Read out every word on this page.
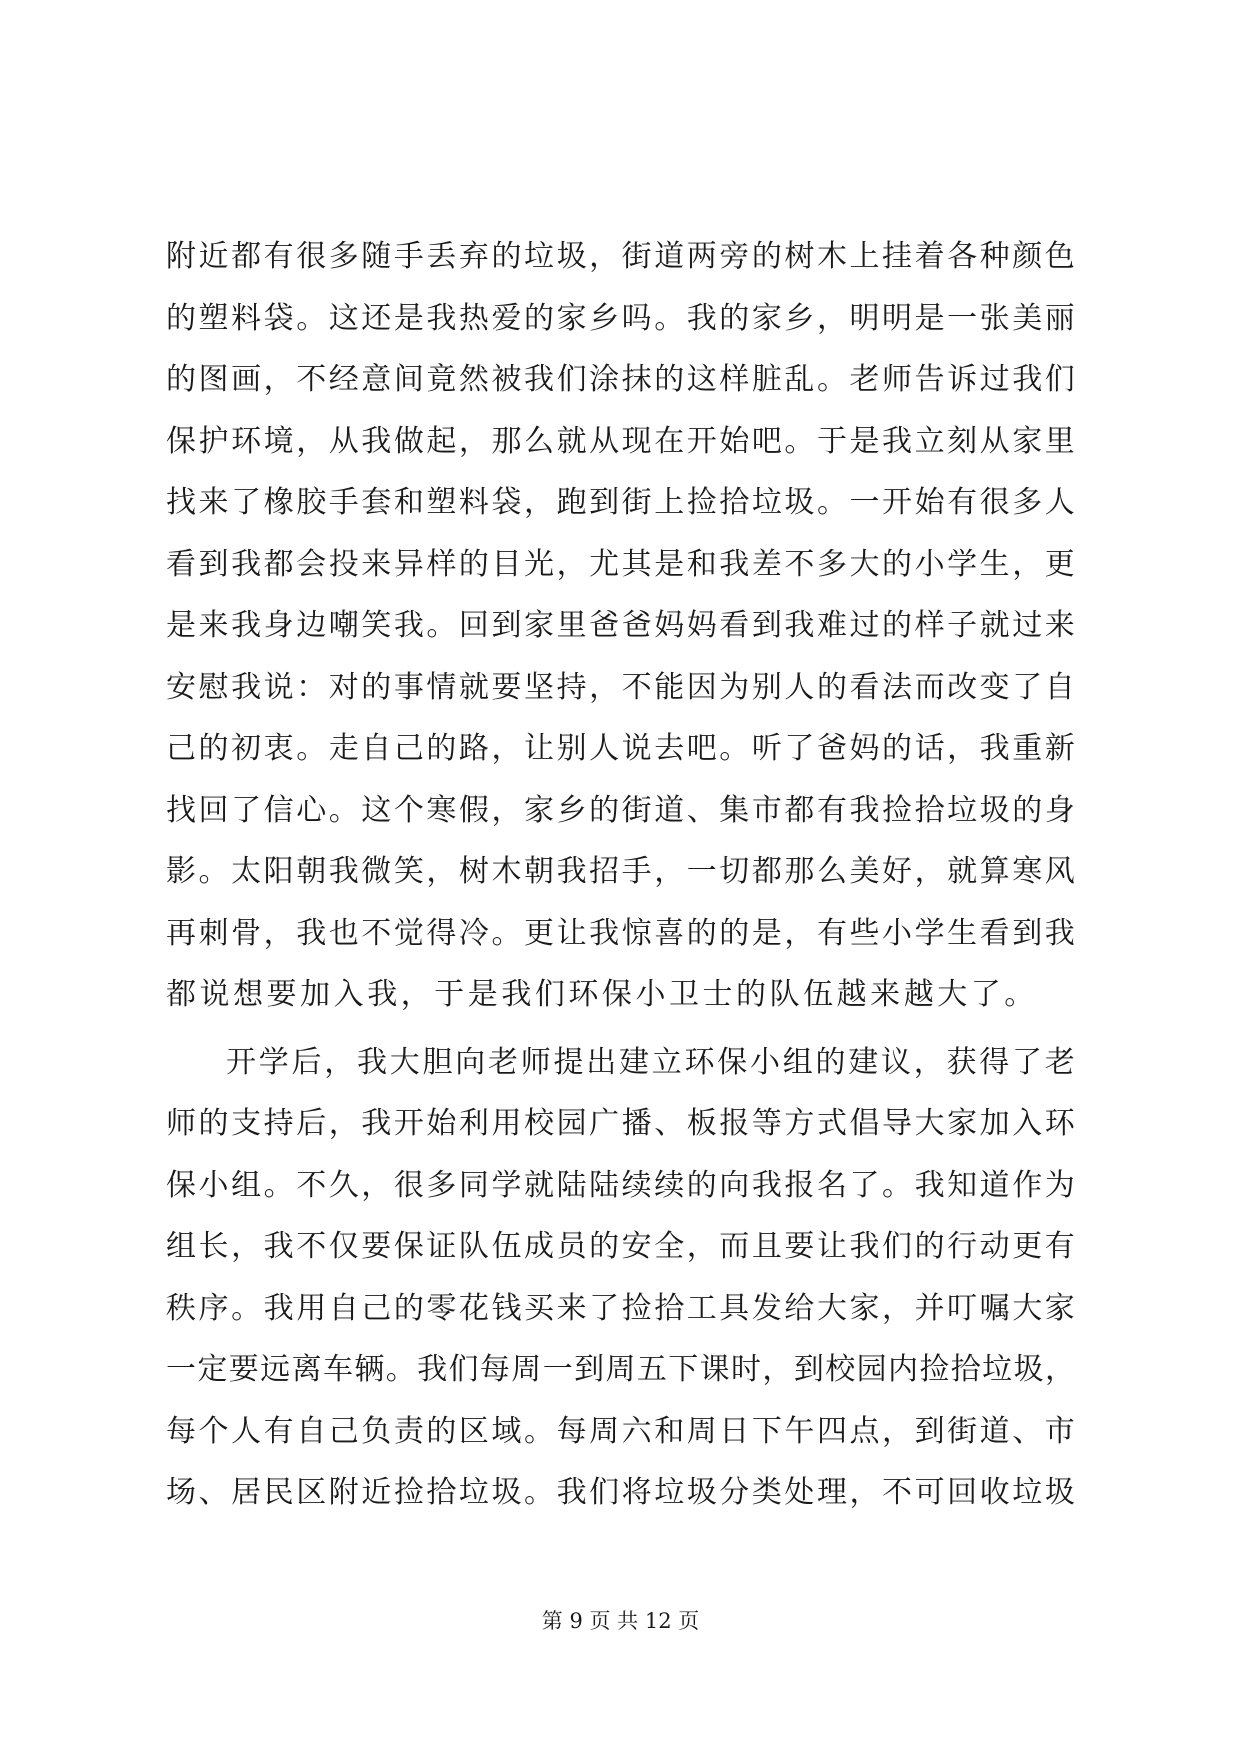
附 近 都 有 很 多 随 手 丢 弃 的 垃 圾 ， 街 道 两 旁 的 树 木 上 挂 着 各 种 颜 色
的 塑 料 袋 。 这 还 是 我 热 爱 的 家 乡 吗 。 我 的 家 乡 ， 明 明 是 一 张 美 丽
的 图 画 ， 不 经 意 间 竟 然 被 我 们 涂 抹 的 这 样 脏 乱 。 老 师 告 诉 过 我 们
保 护 环 境 ， 从 我 做 起 ， 那 么 就 从 现 在 开 始 吧 。 于 是 我 立 刻 从 家 里
找 来 了 橡 胶 手 套 和 塑 料 袋 ， 跑 到 街 上 捡 拾 垃 圾 。 一 开 始 有 很 多 人
看 到 我 都 会 投 来 异 样 的 目 光 ， 尤 其 是 和 我 差 不 多 大 的 小 学 生 ， 更
是 来 我 身 边 嘲 笑 我 。 回 到 家 里 爸 爸 妈 妈 看 到 我 难 过 的 样 子 就 过 来
安 慰 我 说 ： 对 的 事 情 就 要 坚 持 ， 不 能 因 为 别 人 的 看 法 而 改 变 了 自
己 的 初 衷 。 走 自 己 的 路 ， 让 别 人 说 去 吧 。 听 了 爸 妈 的 话 ， 我 重 新
找 回 了 信 心 。 这 个 寒 假 ， 家 乡 的 街 道 、 集 市 都 有 我 捡 拾 垃 圾 的 身
影 。 太 阳 朝 我 微 笑 ， 树 木 朝 我 招 手 ， 一 切 都 那 么 美 好 ， 就 算 寒 风
再 刺 骨 ， 我 也 不 觉 得 冷 。 更 让 我 惊 喜 的 的 是 ， 有 些 小 学 生 看 到 我
都 说 想 要 加 入 我 ， 于 是 我 们 环 保 小 卫 士 的 队 伍 越 来 越 大 了 。
开 学 后 ， 我 大 胆 向 老 师 提 出 建 立 环 保 小 组 的 建 议 ， 获 得 了 老
师 的 支 持 后 ， 我 开 始 利 用 校 园 广 播 、 板 报 等 方 式 倡 导 大 家 加 入 环
保 小 组 。 不 久 ， 很 多 同 学 就 陆 陆 续 续 的 向 我 报 名 了 。 我 知 道 作 为
组 长 ， 我 不 仅 要 保 证 队 伍 成 员 的 安 全 ， 而 且 要 让 我 们 的 行 动 更 有
秩 序 。 我 用 自 己 的 零 花 钱 买 来 了 捡 拾 工 具 发 给 大 家 ， 并 叮 嘱 大 家
一 定 要 远 离 车 辆 。 我 们 每 周 一 到 周 五 下 课 时 ， 到 校 园 内 捡 拾 垃 圾 ，
每 个 人 有 自 己 负 责 的 区 域 。 每 周 六 和 周 日 下 午 四 点 ， 到 街 道 、 市
场 、 居 民 区 附 近 捡 拾 垃 圾 。 我 们 将 垃 圾 分 类 处 理 ， 不 可 回 收 垃 圾
第 9 页 共 12 页
